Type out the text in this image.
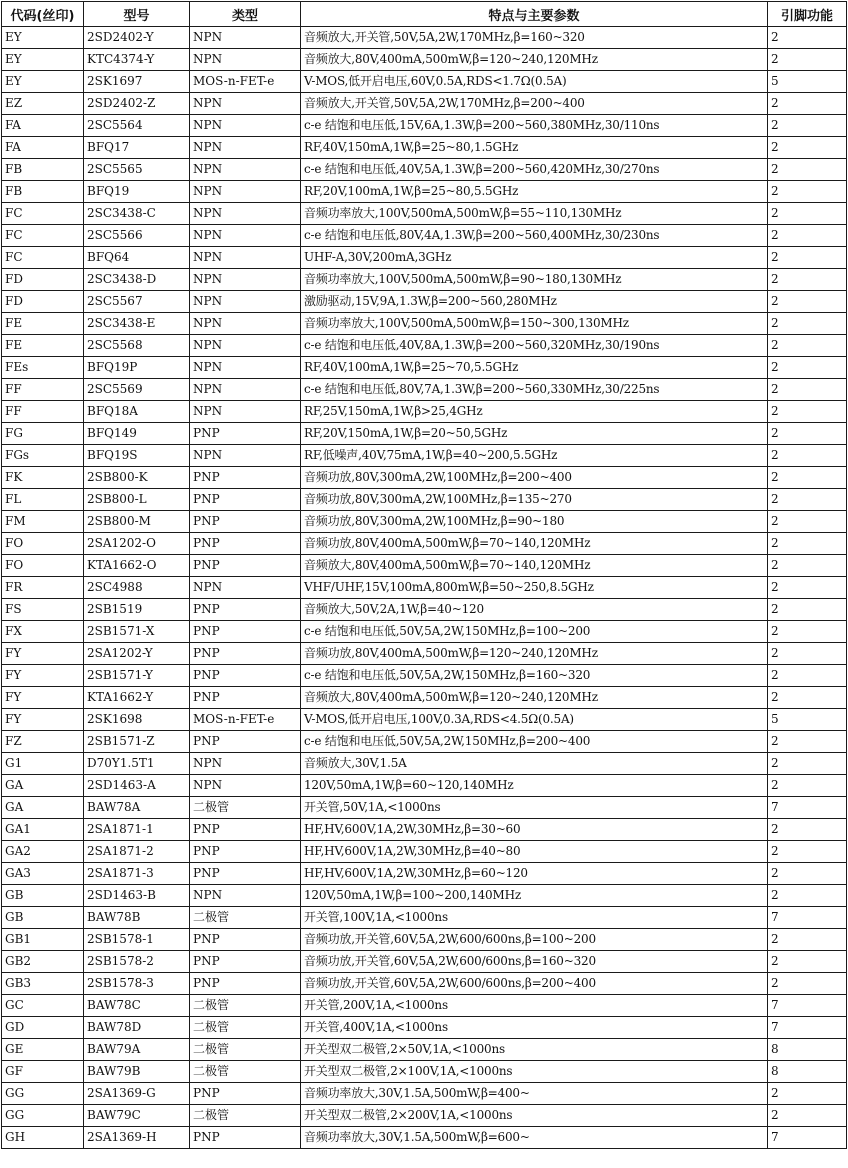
代码(丝印)	型号	类型	特点与主要参数	引脚功能
EY	2SD2402-Y	NPN	音频放大,开关管,50V,5A,2W,170MHz,β=160~320	2
EY	KTC4374-Y	NPN	音频放大,80V,400mA,500mW,β=120~240,120MHz	2
EY	2SK1697	MOS-n-FET-e	V-MOS,低开启电压,60V,0.5A,RDS<1.7Ω(0.5A)	5
EZ	2SD2402-Z	NPN	音频放大,开关管,50V,5A,2W,170MHz,β=200~400	2
FA	2SC5564	NPN	c-e 结饱和电压低,15V,6A,1.3W,β=200~560,380MHz,30/110ns	2
FA	BFQ17	NPN	RF,40V,150mA,1W,β=25~80,1.5GHz	2
FB	2SC5565	NPN	c-e 结饱和电压低,40V,5A,1.3W,β=200~560,420MHz,30/270ns	2
FB	BFQ19	NPN	RF,20V,100mA,1W,β=25~80,5.5GHz	2
FC	2SC3438-C	NPN	音频功率放大,100V,500mA,500mW,β=55~110,130MHz	2
FC	2SC5566	NPN	c-e 结饱和电压低,80V,4A,1.3W,β=200~560,400MHz,30/230ns	2
FC	BFQ64	NPN	UHF-A,30V,200mA,3GHz	2
FD	2SC3438-D	NPN	音频功率放大,100V,500mA,500mW,β=90~180,130MHz	2
FD	2SC5567	NPN	激励驱动,15V,9A,1.3W,β=200~560,280MHz	2
FE	2SC3438-E	NPN	音频功率放大,100V,500mA,500mW,β=150~300,130MHz	2
FE	2SC5568	NPN	c-e 结饱和电压低,40V,8A,1.3W,β=200~560,320MHz,30/190ns	2
FEs	BFQ19P	NPN	RF,40V,100mA,1W,β=25~70,5.5GHz	2
FF	2SC5569	NPN	c-e 结饱和电压低,80V,7A,1.3W,β=200~560,330MHz,30/225ns	2
FF	BFQ18A	NPN	RF,25V,150mA,1W,β>25,4GHz	2
FG	BFQ149	PNP	RF,20V,150mA,1W,β=20~50,5GHz	2
FGs	BFQ19S	NPN	RF,低噪声,40V,75mA,1W,β=40~200,5.5GHz	2
FK	2SB800-K	PNP	音频功放,80V,300mA,2W,100MHz,β=200~400	2
FL	2SB800-L	PNP	音频功放,80V,300mA,2W,100MHz,β=135~270	2
FM	2SB800-M	PNP	音频功放,80V,300mA,2W,100MHz,β=90~180	2
FO	2SA1202-O	PNP	音频功放,80V,400mA,500mW,β=70~140,120MHz	2
FO	KTA1662-O	PNP	音频放大,80V,400mA,500mW,β=70~140,120MHz	2
FR	2SC4988	NPN	VHF/UHF,15V,100mA,800mW,β=50~250,8.5GHz	2
FS	2SB1519	PNP	音频放大,50V,2A,1W,β=40~120	2
FX	2SB1571-X	PNP	c-e 结饱和电压低,50V,5A,2W,150MHz,β=100~200	2
FY	2SA1202-Y	PNP	音频功放,80V,400mA,500mW,β=120~240,120MHz	2
FY	2SB1571-Y	PNP	c-e 结饱和电压低,50V,5A,2W,150MHz,β=160~320	2
FY	KTA1662-Y	PNP	音频放大,80V,400mA,500mW,β=120~240,120MHz	2
FY	2SK1698	MOS-n-FET-e	V-MOS,低开启电压,100V,0.3A,RDS<4.5Ω(0.5A)	5
FZ	2SB1571-Z	PNP	c-e 结饱和电压低,50V,5A,2W,150MHz,β=200~400	2
G1	D70Y1.5T1	NPN	音频放大,30V,1.5A	2
GA	2SD1463-A	NPN	120V,50mA,1W,β=60~120,140MHz	2
GA	BAW78A	二极管	开关管,50V,1A,<1000ns	7
GA1	2SA1871-1	PNP	HF,HV,600V,1A,2W,30MHz,β=30~60	2
GA2	2SA1871-2	PNP	HF,HV,600V,1A,2W,30MHz,β=40~80	2
GA3	2SA1871-3	PNP	HF,HV,600V,1A,2W,30MHz,β=60~120	2
GB	2SD1463-B	NPN	120V,50mA,1W,β=100~200,140MHz	2
GB	BAW78B	二极管	开关管,100V,1A,<1000ns	7
GB1	2SB1578-1	PNP	音频功放,开关管,60V,5A,2W,600/600ns,β=100~200	2
GB2	2SB1578-2	PNP	音频功放,开关管,60V,5A,2W,600/600ns,β=160~320	2
GB3	2SB1578-3	PNP	音频功放,开关管,60V,5A,2W,600/600ns,β=200~400	2
GC	BAW78C	二极管	开关管,200V,1A,<1000ns	7
GD	BAW78D	二极管	开关管,400V,1A,<1000ns	7
GE	BAW79A	二极管	开关型双二极管,2×50V,1A,<1000ns	8
GF	BAW79B	二极管	开关型双二极管,2×100V,1A,<1000ns	8
GG	2SA1369-G	PNP	音频功率放大,30V,1.5A,500mW,β=400~	2
GG	BAW79C	二极管	开关型双二极管,2×200V,1A,<1000ns	2
GH	2SA1369-H	PNP	音频功率放大,30V,1.5A,500mW,β=600~	7
